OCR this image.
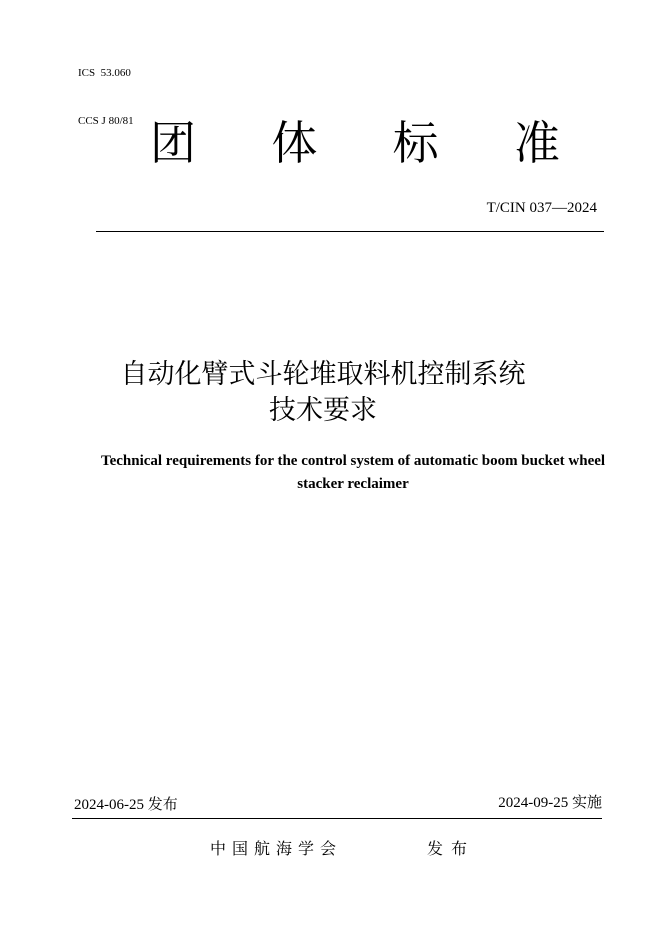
ICS  53.060

CCS J 80/81 团 体 标 准
T/CIN 037—2024
自动化臂式斗轮堆取料机控制系统
技术要求
Technical requirements for the control system of automatic boom bucket wheel
stacker reclaimer
2024-06-25 发布	2024-09-25 实施
中国航海学会	发布
